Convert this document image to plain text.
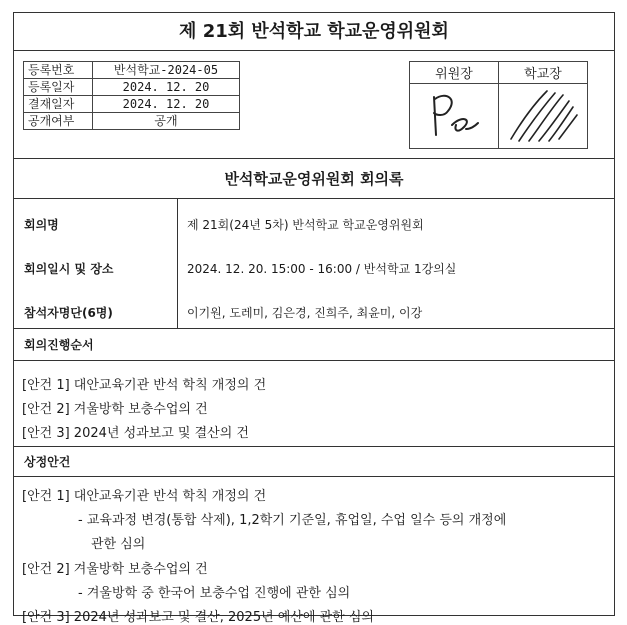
제 21회 반석학교 학교운영위원회
등록번호	반석학교-2024-05
등록일자	2024. 12. 20
결재일자	2024. 12. 20
공개여부	공개
위원장	학교장

반석학교운영위원회 회의록
회의명	제 21회(24년 5차) 반석학교 학교운영위원회
회의일시 및 장소	2024. 12. 20. 15:00 - 16:00 / 반석학교 1강의실
참석자명단(6명)	이기원, 도레미, 김은경, 진희주, 최윤미, 이강
회의진행순서
[안건 1] 대안교육기관 반석 학칙 개정의 건
[안건 2] 겨울방학 보충수업의 건
[안건 3] 2024년 성과보고 및 결산의 건
상정안건
[안건 1] 대안교육기관 반석 학칙 개정의 건
- 교육과정 변경(통합 삭제), 1,2학기 기준일, 휴업일, 수업 일수 등의 개정에
관한 심의
[안건 2] 겨울방학 보충수업의 건
- 겨울방학 중 한국어 보충수업 진행에 관한 심의
[안건 3] 2024년 성과보고 및 결산, 2025년 예산에 관한 심의
